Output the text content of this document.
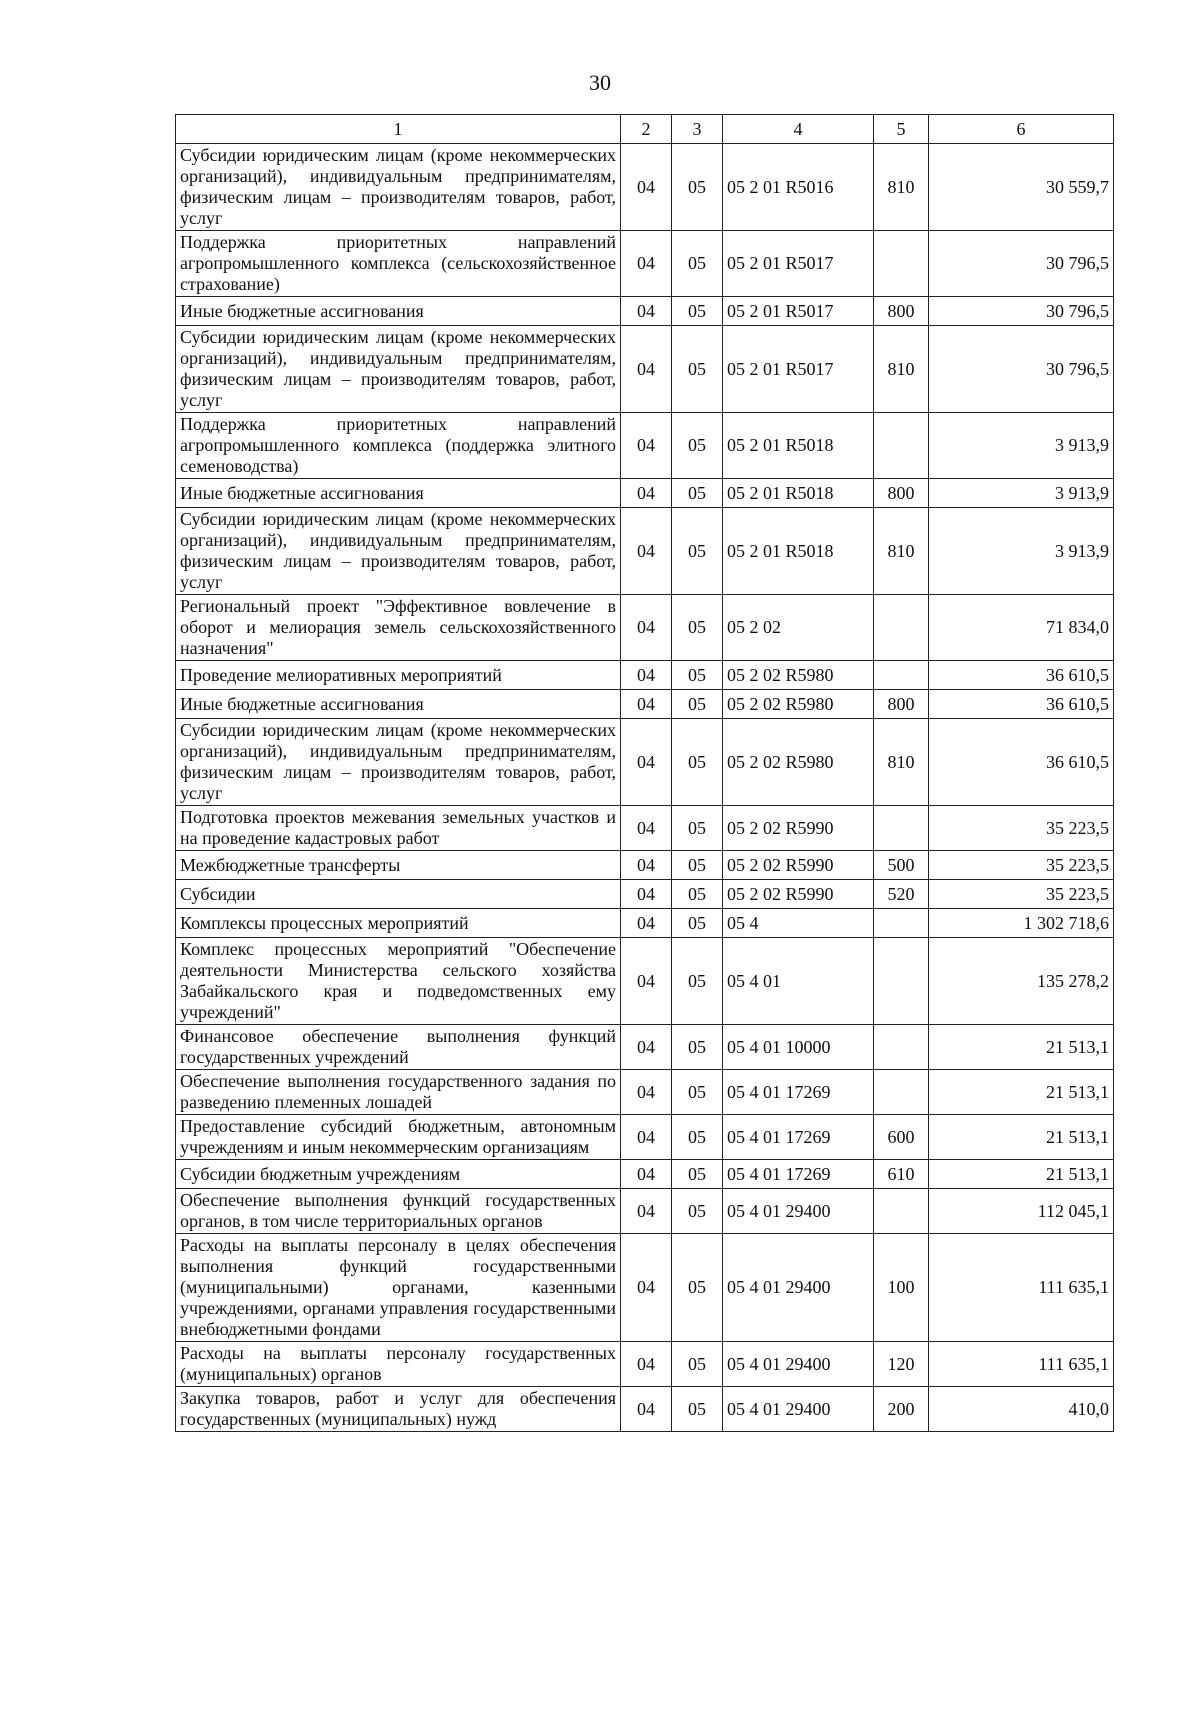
30
1	2	3	4	5	6
Субсидии юридическим лицам (кроме некоммерческих организаций), индивидуальным предпринимателям, физическим лицам – производителям товаров, работ, услуг	04	05	05 2 01 R5016	810	30 559,7
Поддержка приоритетных направлений агропромышленного комплекса (сельскохозяйственное страхование)	04	05	05 2 01 R5017		30 796,5
Иные бюджетные ассигнования	04	05	05 2 01 R5017	800	30 796,5
Субсидии юридическим лицам (кроме некоммерческих организаций), индивидуальным предпринимателям, физическим лицам – производителям товаров, работ, услуг	04	05	05 2 01 R5017	810	30 796,5
Поддержка приоритетных направлений агропромышленного комплекса (поддержка элитного семеноводства)	04	05	05 2 01 R5018		3 913,9
Иные бюджетные ассигнования	04	05	05 2 01 R5018	800	3 913,9
Субсидии юридическим лицам (кроме некоммерческих организаций), индивидуальным предпринимателям, физическим лицам – производителям товаров, работ, услуг	04	05	05 2 01 R5018	810	3 913,9
Региональный проект "Эффективное вовлечение в оборот и мелиорация земель сельскохозяйственного назначения"	04	05	05 2 02		71 834,0
Проведение мелиоративных мероприятий	04	05	05 2 02 R5980		36 610,5
Иные бюджетные ассигнования	04	05	05 2 02 R5980	800	36 610,5
Субсидии юридическим лицам (кроме некоммерческих организаций), индивидуальным предпринимателям, физическим лицам – производителям товаров, работ, услуг	04	05	05 2 02 R5980	810	36 610,5
Подготовка проектов межевания земельных участков и на проведение кадастровых работ	04	05	05 2 02 R5990		35 223,5
Межбюджетные трансферты	04	05	05 2 02 R5990	500	35 223,5
Субсидии	04	05	05 2 02 R5990	520	35 223,5
Комплексы процессных мероприятий	04	05	05 4		1 302 718,6
Комплекс процессных мероприятий "Обеспечение деятельности Министерства сельского хозяйства Забайкальского края и подведомственных ему учреждений"	04	05	05 4 01		135 278,2
Финансовое обеспечение выполнения функций государственных учреждений	04	05	05 4 01 10000		21 513,1
Обеспечение выполнения государственного задания по разведению племенных лошадей	04	05	05 4 01 17269		21 513,1
Предоставление субсидий бюджетным, автономным учреждениям и иным некоммерческим организациям	04	05	05 4 01 17269	600	21 513,1
Субсидии бюджетным учреждениям	04	05	05 4 01 17269	610	21 513,1
Обеспечение выполнения функций государственных органов, в том числе территориальных органов	04	05	05 4 01 29400		112 045,1
Расходы на выплаты персоналу в целях обеспечения выполнения функций государственными (муниципальными) органами, казенными учреждениями, органами управления государственными внебюджетными фондами	04	05	05 4 01 29400	100	111 635,1
Расходы на выплаты персоналу государственных (муниципальных) органов	04	05	05 4 01 29400	120	111 635,1
Закупка товаров, работ и услуг для обеспечения государственных (муниципальных) нужд	04	05	05 4 01 29400	200	410,0
